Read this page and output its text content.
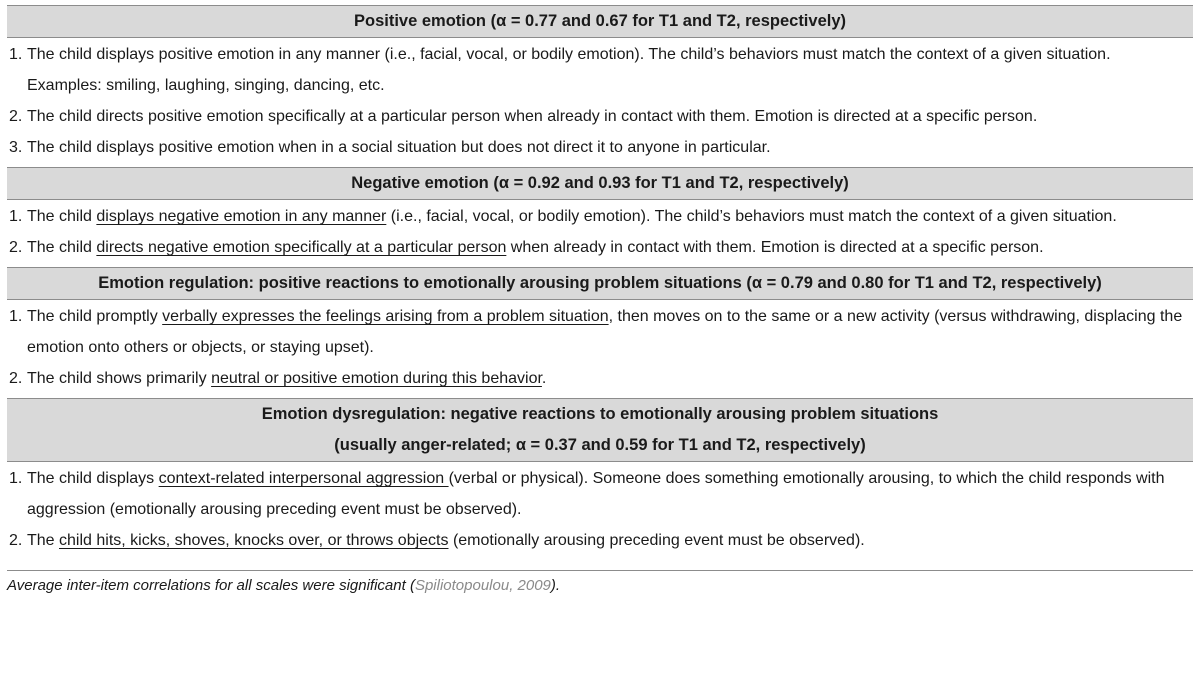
Positive emotion (α = 0.77 and 0.67 for T1 and T2, respectively)
1. The child displays positive emotion in any manner (i.e., facial, vocal, or bodily emotion). The child’s behaviors must match the context of a given situation. Examples: smiling, laughing, singing, dancing, etc.
2. The child directs positive emotion specifically at a particular person when already in contact with them. Emotion is directed at a specific person.
3. The child displays positive emotion when in a social situation but does not direct it to anyone in particular.
Negative emotion (α = 0.92 and 0.93 for T1 and T2, respectively)
1. The child displays negative emotion in any manner (i.e., facial, vocal, or bodily emotion). The child’s behaviors must match the context of a given situation.
2. The child directs negative emotion specifically at a particular person when already in contact with them. Emotion is directed at a specific person.
Emotion regulation: positive reactions to emotionally arousing problem situations (α = 0.79 and 0.80 for T1 and T2, respectively)
1. The child promptly verbally expresses the feelings arising from a problem situation, then moves on to the same or a new activity (versus withdrawing, displacing the emotion onto others or objects, or staying upset).
2. The child shows primarily neutral or positive emotion during this behavior.
Emotion dysregulation: negative reactions to emotionally arousing problem situations
(usually anger-related; α = 0.37 and 0.59 for T1 and T2, respectively)
1. The child displays context-related interpersonal aggression (verbal or physical). Someone does something emotionally arousing, to which the child responds with aggression (emotionally arousing preceding event must be observed).
2. The child hits, kicks, shoves, knocks over, or throws objects (emotionally arousing preceding event must be observed).
Average inter-item correlations for all scales were significant (Spiliotopoulou, 2009).
